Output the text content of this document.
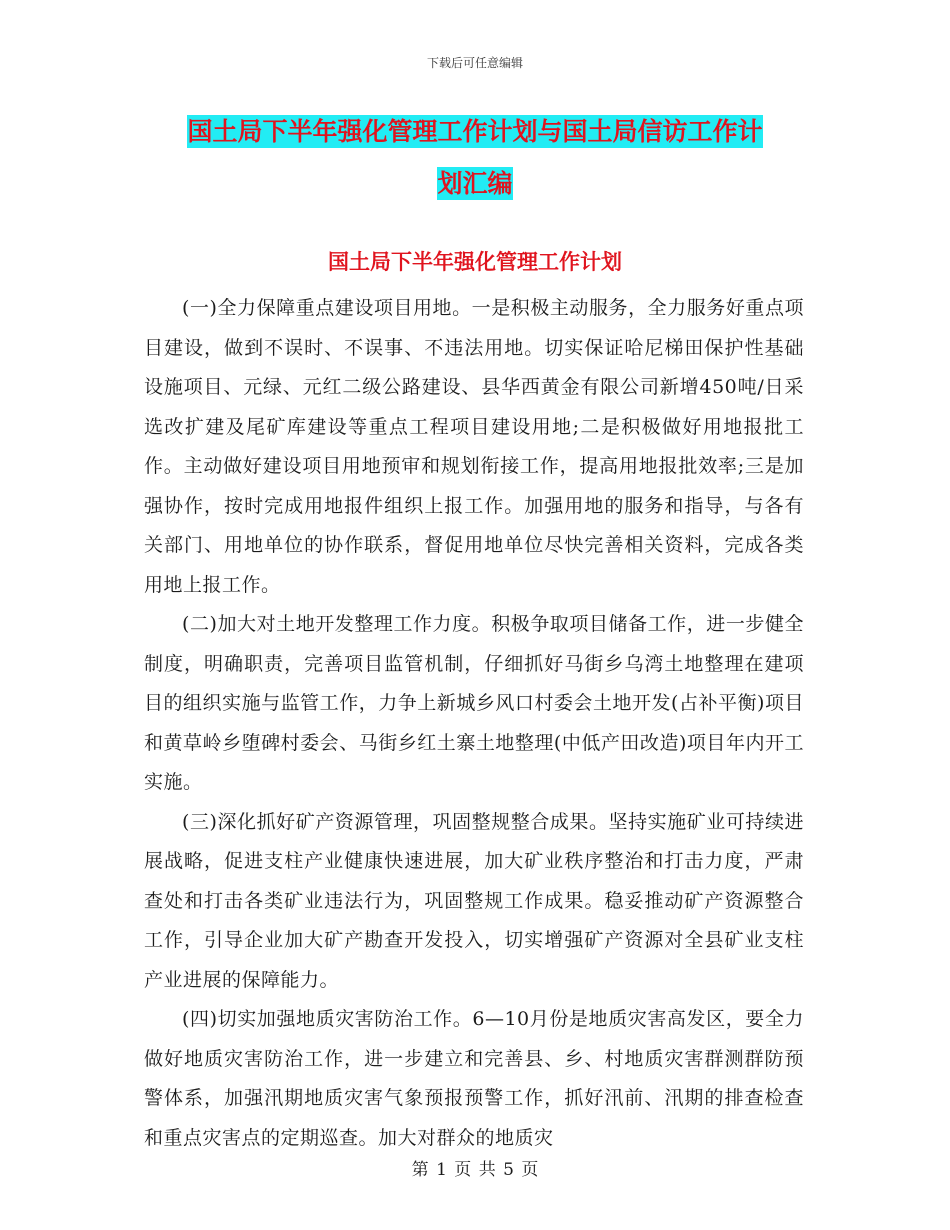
下载后可任意编辑
国土局下半年强化管理工作计划与国土局信访工作计
划汇编
国土局下半年强化管理工作计划

(一)全力保障重点建设项目用地。一是积极主动服务，全力服务好重点项目建设，做到不误时、不误事、不违法用地。切实保证哈尼梯田保护性基础设施项目、元绿、元红二级公路建设、县华西黄金有限公司新增450吨/日采选改扩建及尾矿库建设等重点工程项目建设用地;二是积极做好用地报批工作。主动做好建设项目用地预审和规划衔接工作，提高用地报批效率;三是加强协作，按时完成用地报件组织上报工作。加强用地的服务和指导，与各有关部门、用地单位的协作联系，督促用地单位尽快完善相关资料，完成各类用地上报工作。

(二)加大对土地开发整理工作力度。积极争取项目储备工作，进一步健全制度，明确职责，完善项目监管机制，仔细抓好马街乡乌湾土地整理在建项目的组织实施与监管工作，力争上新城乡风口村委会土地开发(占补平衡)项目和黄草岭乡堕碑村委会、马街乡红土寨土地整理(中低产田改造)项目年内开工实施。

(三)深化抓好矿产资源管理，巩固整规整合成果。坚持实施矿业可持续进展战略，促进支柱产业健康快速进展，加大矿业秩序整治和打击力度，严肃查处和打击各类矿业违法行为，巩固整规工作成果。稳妥推动矿产资源整合工作，引导企业加大矿产勘查开发投入，切实增强矿产资源对全县矿业支柱产业进展的保障能力。

(四)切实加强地质灾害防治工作。6—10月份是地质灾害高发区，要全力做好地质灾害防治工作，进一步建立和完善县、乡、村地质灾害群测群防预警体系，加强汛期地质灾害气象预报预警工作，抓好汛前、汛期的排查检查和重点灾害点的定期巡查。加大对群众的地质灾

第 1 页 共 5 页
